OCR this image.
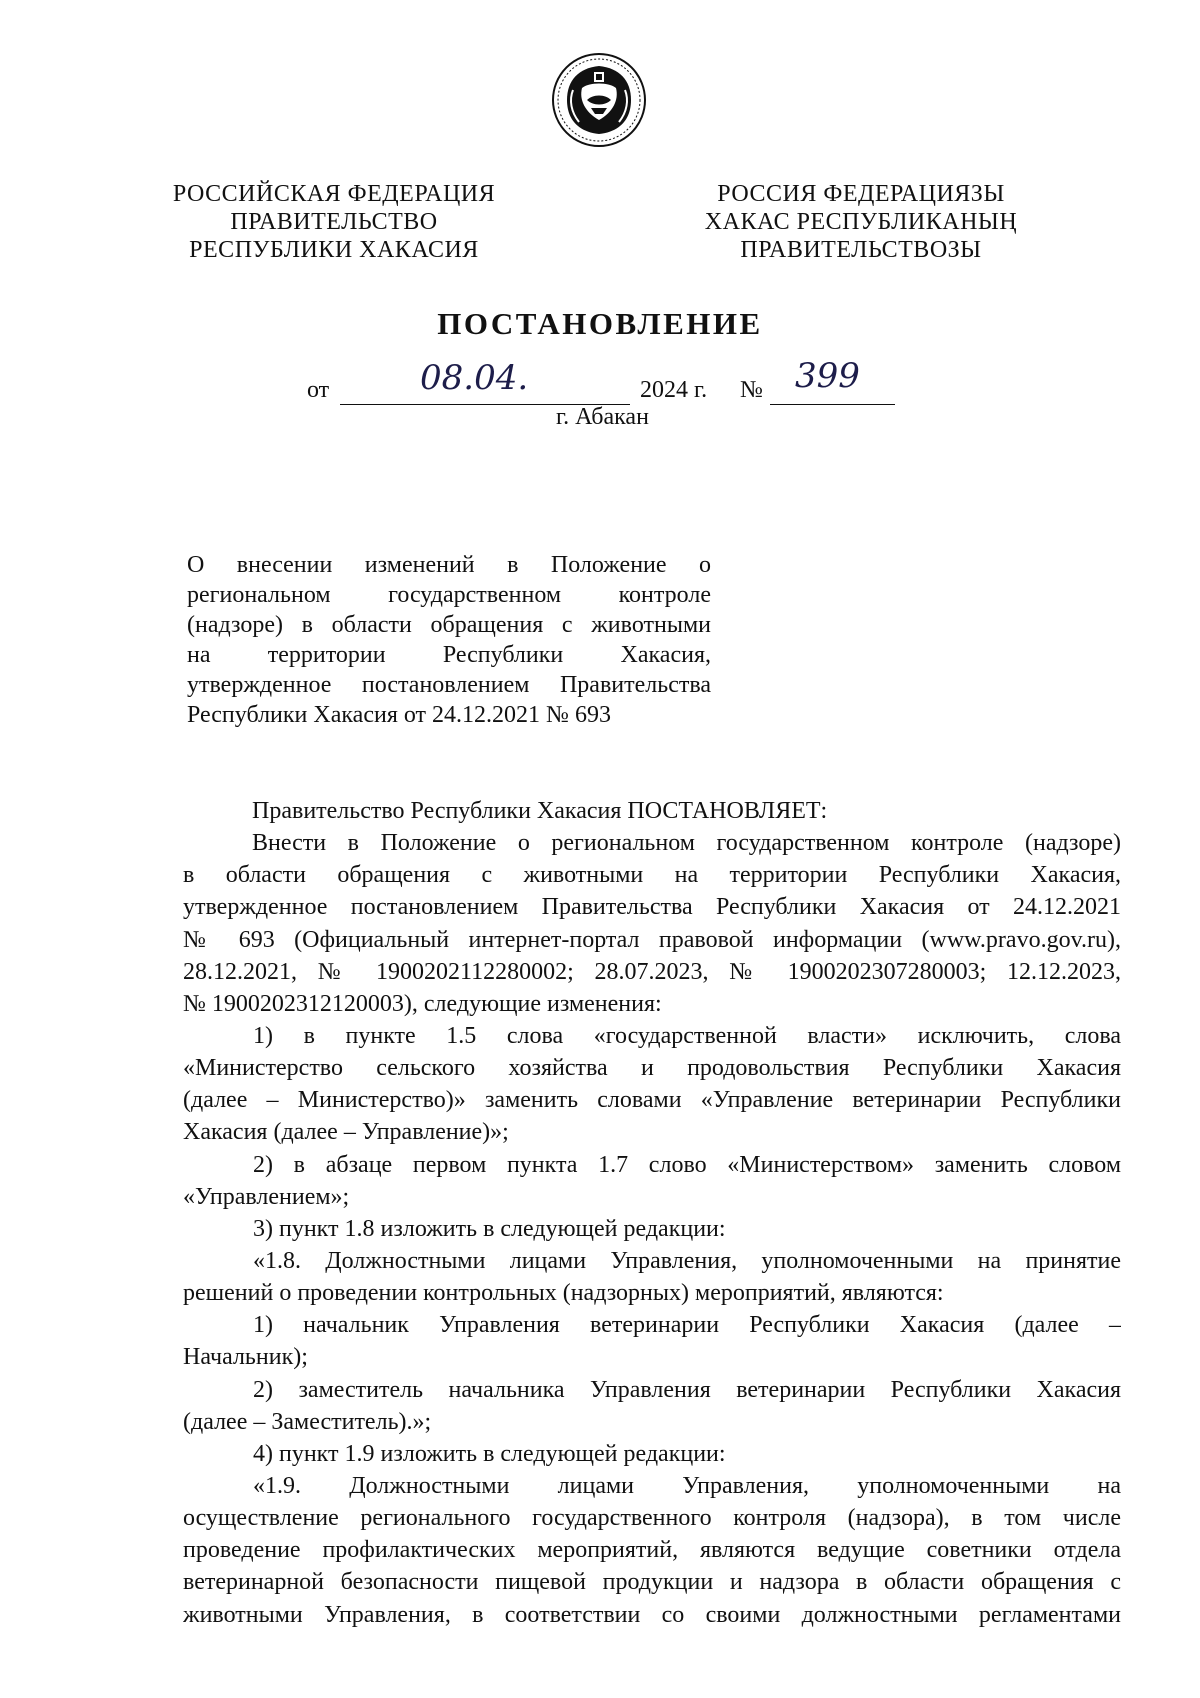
РОССИЙСКАЯ ФЕДЕРАЦИЯ
ПРАВИТЕЛЬСТВО
РЕСПУБЛИКИ ХАКАСИЯ
РОССИЯ ФЕДЕРАЦИЯЗЫ
ХАКАС РЕСПУБЛИКАНЫҢ
ПРАВИТЕЛЬСТВОЗЫ
ПОСТАНОВЛЕНИЕ
от	08.04.	2024 г. № 399
г. Абакан
О внесении изменений в Положение о
региональном государственном контроле
(надзоре) в области обращения с животными
на территории Республики Хакасия,
утвержденное постановлением Правительства
Республики Хакасия от 24.12.2021 № 693
Правительство Республики Хакасия ПОСТАНОВЛЯЕТ:
Внести в Положение о региональном государственном контроле (надзоре)
в области обращения с животными на территории Республики Хакасия,
утвержденное постановлением Правительства Республики Хакасия от 24.12.2021
№ 693 (Официальный интернет-портал правовой информации (www.pravo.gov.ru),
28.12.2021, № 1900202112280002; 28.07.2023, № 1900202307280003; 12.12.2023,
№ 1900202312120003), следующие изменения:
1) в пункте 1.5 слова «государственной власти» исключить, слова
«Министерство сельского хозяйства и продовольствия Республики Хакасия
(далее – Министерство)» заменить словами «Управление ветеринарии Республики
Хакасия (далее – Управление)»;
2) в абзаце первом пункта 1.7 слово «Министерством» заменить словом
«Управлением»;
3) пункт 1.8 изложить в следующей редакции:
«1.8. Должностными лицами Управления, уполномоченными на принятие
решений о проведении контрольных (надзорных) мероприятий, являются:
1) начальник Управления ветеринарии Республики Хакасия (далее –
Начальник);
2) заместитель начальника Управления ветеринарии Республики Хакасия
(далее – Заместитель).»;
4) пункт 1.9 изложить в следующей редакции:
«1.9. Должностными лицами Управления, уполномоченными на
осуществление регионального государственного контроля (надзора), в том числе
проведение профилактических мероприятий, являются ведущие советники отдела
ветеринарной безопасности пищевой продукции и надзора в области обращения с
животными Управления, в соответствии со своими должностными регламентами
